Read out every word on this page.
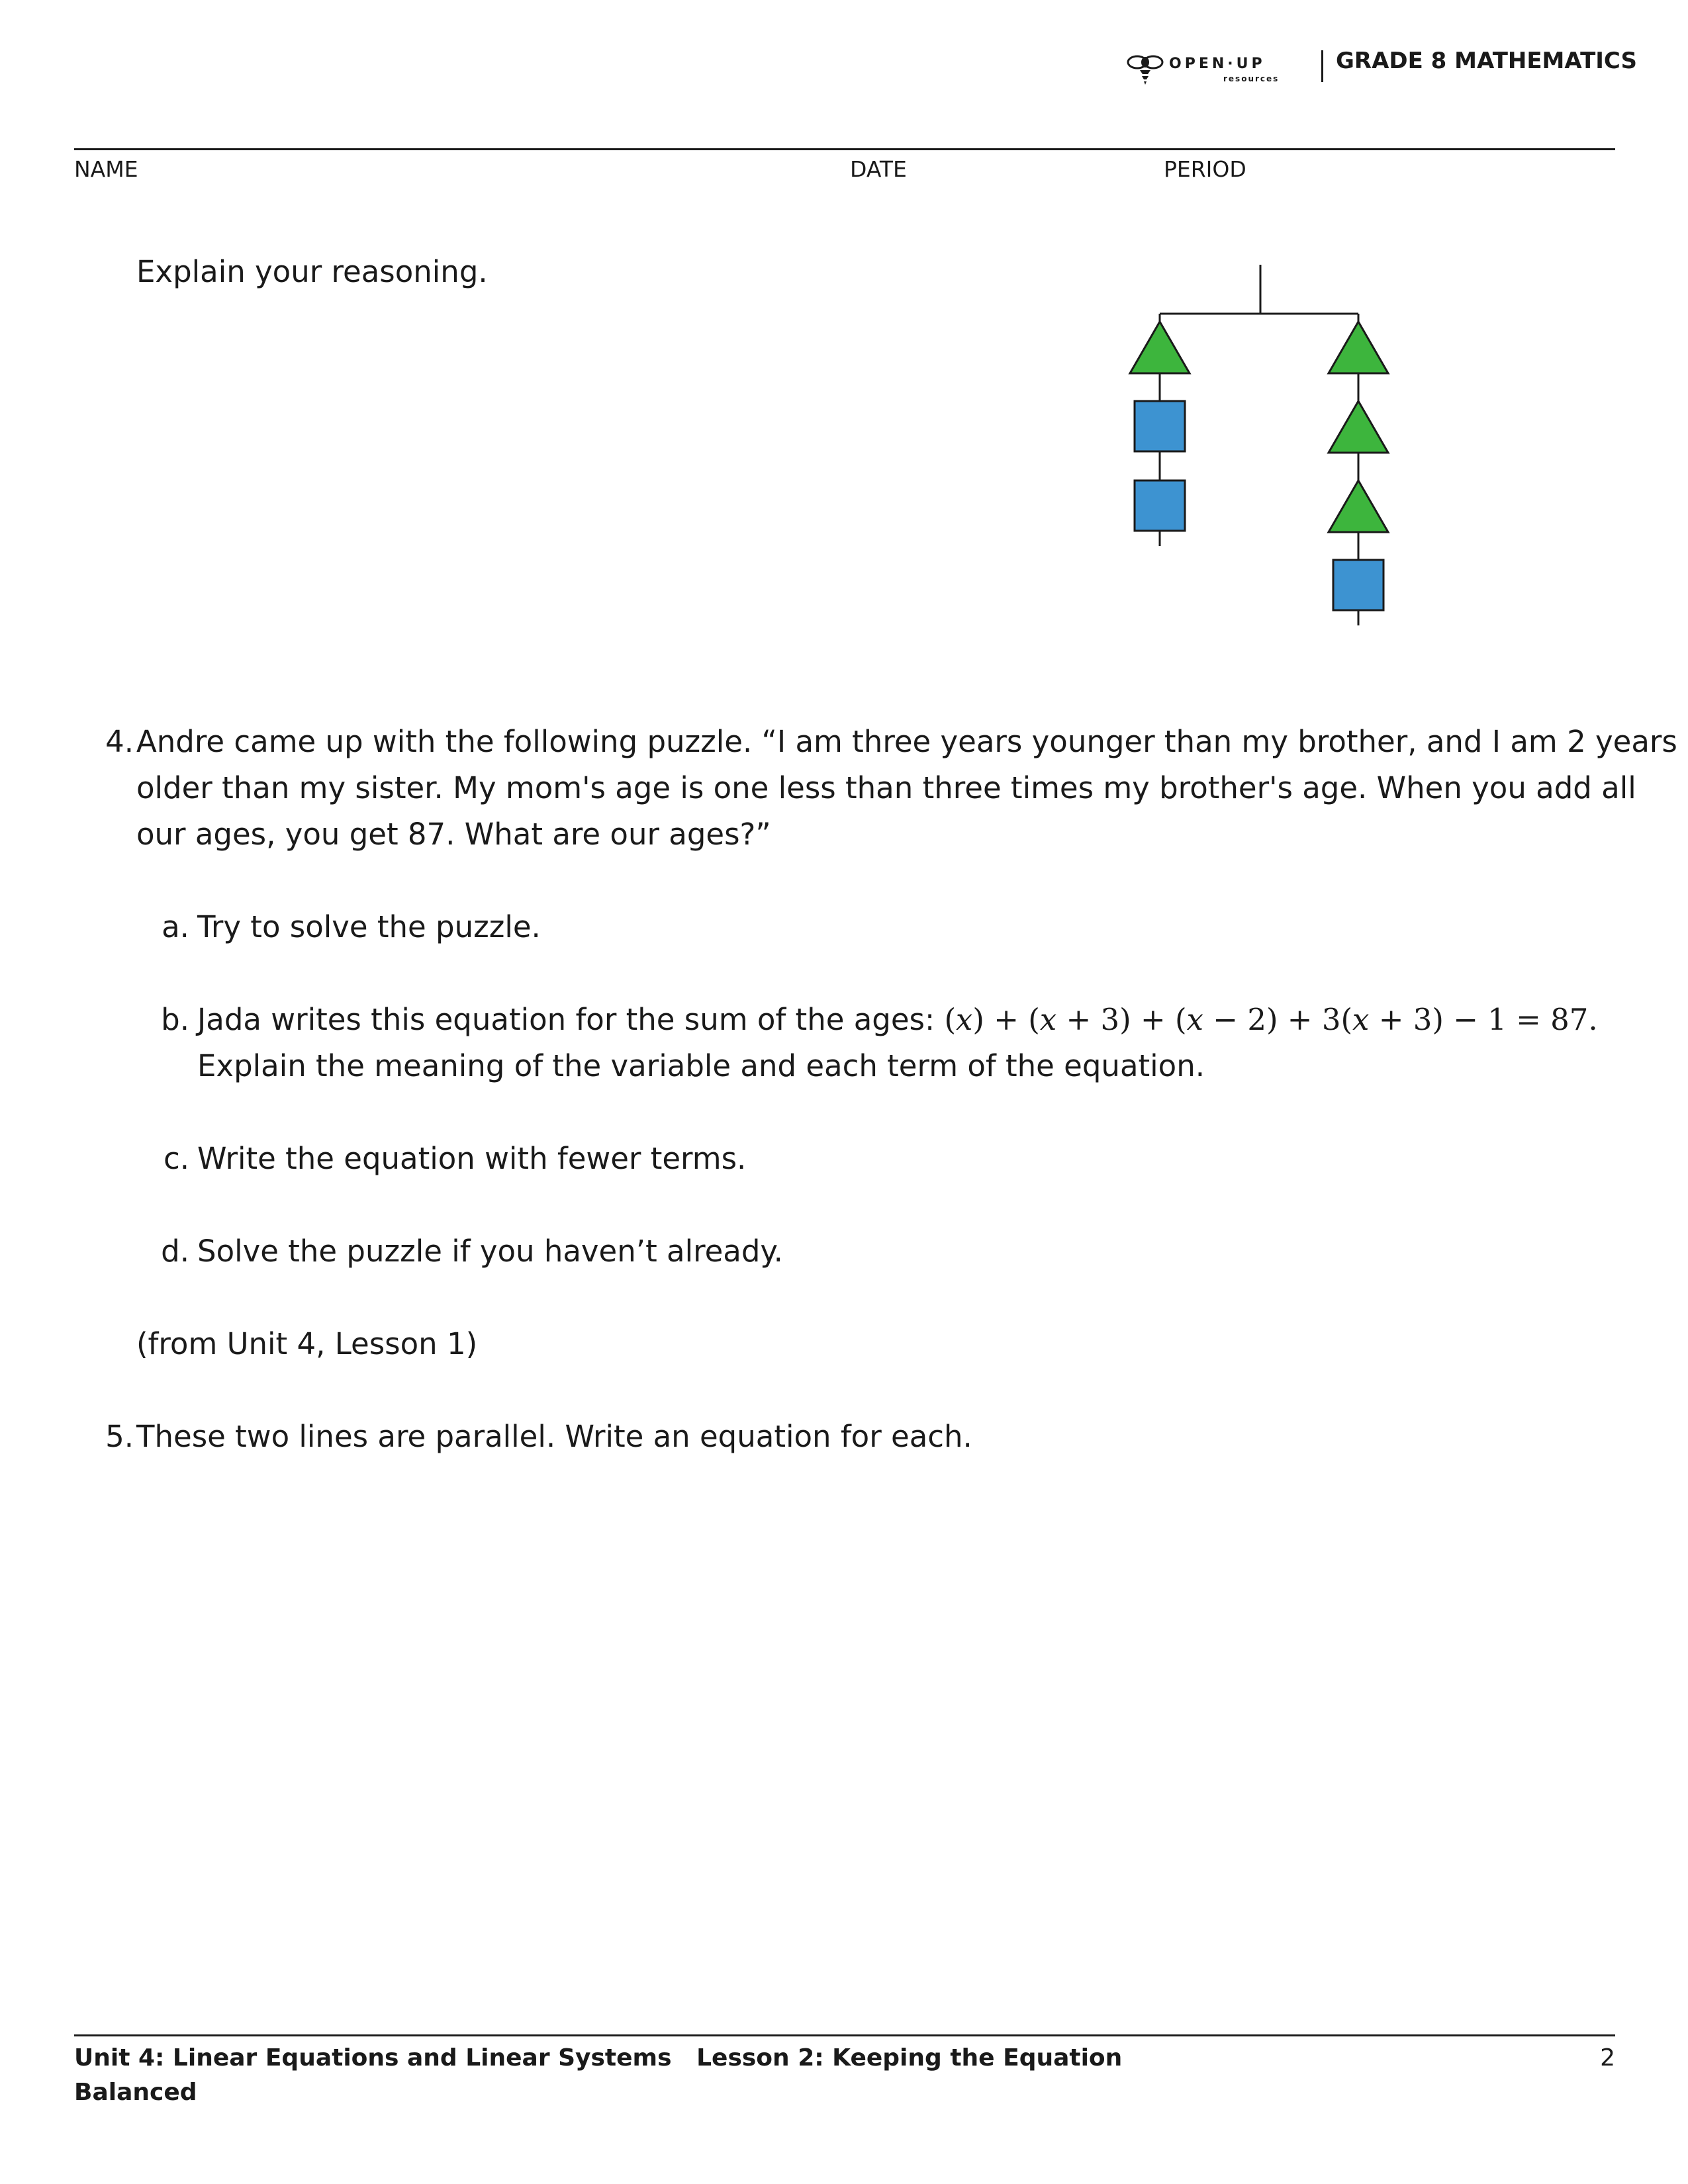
OPEN·UP
resources
GRADE 8 MATHEMATICS
NAME	DATE	PERIOD
Explain your reasoning.
4. Andre came up with the following puzzle. “I am three years younger than my brother, and I am 2 years
older than my sister. My mom's age is one less than three times my brother's age. When you add all
our ages, you get 87. What are our ages?”
a. Try to solve the puzzle.
b. Jada writes this equation for the sum of the ages: (x) + (x + 3) + (x − 2) + 3(x + 3) − 1 = 87.
Explain the meaning of the variable and each term of the equation.
c. Write the equation with fewer terms.
d. Solve the puzzle if you haven’t already.
(from Unit 4, Lesson 1)
5. These two lines are parallel. Write an equation for each.
Unit 4: Linear Equations and Linear Systems   Lesson 2: Keeping the Equation
Balanced
2
